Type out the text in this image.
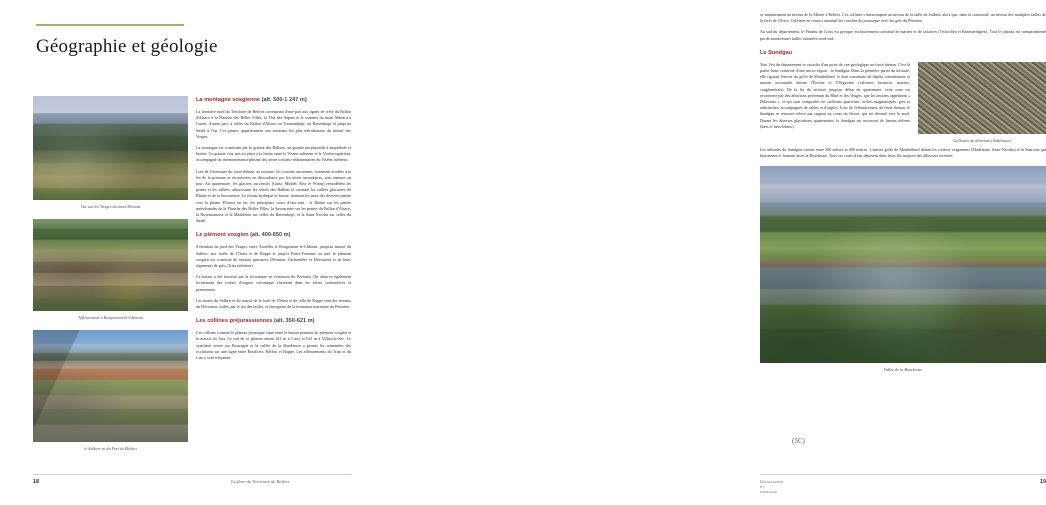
Géographie et géologie
Vue sur les Vosges du mont Ménard
Affleurement à Rougemont-le-Château
le Salbert vu du Fort de Belfort
La montagne vosgienne (alt. 500-1 247 m)

La frontière nord du Territoire de Belfort correspond d'une part aux lignes de crête du Ballon d'Alsace à la Planche des Belles Filles, la Tête des Sapins et le sommet du mont Ménard à l'ouest, d'autre part, à celles du Ballon d'Alsace au Tremontkopf, au Baerenkopf et jusqu'au Sudel à l'est. Ces pentes appartiennent aux sommets les plus méridionaux du massif des Vosges.

La montagne est constituée par le granite des Ballons, un granite porphyroïde à amphibole et biotite. Ce granite s'est mis en place à la limite entre le Viséen inférieur et le Viséen supérieur, accompagné du thermométamorphisme des séries volcano-sédimentaires du Viséen inférieur.

Lors de l'ouverture du fossé rhénan, au tertiaire, les couches anciennes, fortement érodées à la fin de la primaire et recouvertes en discordance par les séries secondaires, sont remises au jour. Au quaternaire, les glaciers successifs (Günz, Mindel, Riss et Würm) remodèlent les pentes et les vallées, adoucissant les reliefs des Ballons et creusant les vallées glaciaires du Rhône et de la Savoureuse. Le réseau hydrique se forme, drainant les eaux des diverses pentes vers la plaine. D'ouest en est, les principaux cours d'eau sont : le Rhône sur les pentes méridionales de la Planche des Belles Filles, la Savoureuse sur les pentes du Ballon d'Alsace, la Rosemontoise et la Madeleine sur celles du Baerenkopf, et la Saint-Nicolas sur celles du Sudel.

Le piémont vosgien (alt. 400-650 m)

S'étendant du pied des Vosges, entre Auxelles et Rougemont-le-Château, jusqu'au massif du Salbert, aux forêts de l'Ouest et de Roppe et jusqu'à Petite-Fontaine au sud, le piémont vosgien est constitué de terrains primaires (Permien, Carbonifère et Dévonien) et de leurs téguments de grès (Trias inférieur).

Ce bassin a été favorisé par la tectonique en extension du Permien. On observe également localement des roches d'origine volcanique s'insérant dans les séries carbonifères et permiennes.

Les monts du Salbert et du massif de la forêt de l'Ouest et de celle de Roppe sont des terrains du Dévonien, isolés, par le jeu des failles, et émergeant de la formation marneuse du Permien.

Les collines préjurassiennes (alt. 350-621 m)

Ces collines forment le plateau jurassique situé entre le bassin permien du piémont vosgien et le massif du Jura. Le sud de ce plateau atteint 611 m à Croix et 621 m à Villars-le-Sec. Le synclinal center sur Bourogne et la vallée de la Bourbeuse a permis les remontées des occlusions sur une ligne entre Bavilliers, Belfort et Roppe. Les affleurements du Trias et du Lias y sont fréquents.

18	La flore du Territoire de Belfort

se maintiennent au niveau de la Miotte à Belfort. Ces collines s'interrompent au niveau de la taille de Salbert, alors que, dans la continuité, au niveau des multiples failles de la forêt de l'Arsot. Cela met en contact anormal les couches du jurassique avec les grès du Permien.

Au sud du département, le Plateau de Croix est presque exclusivement constitué de marnes et de calcaires (Oxfordien et Kimméridgien). Tout le plateau est compartimenté par de nombreuses failles orientées nord-sud.

Le Sundgau

Tout l'est du département se rattache d'un point de vue géologique au fossé rhénan. C'est la partie franc-comtoise d'une micro-région : le Sundgau. Dans la première partie du tertiaire, elle figurait l'entrée du golfe de Montbéliard, et était constituée de dépôts continentaux et marins accumulés durant l'Éocène et l'Oligocène (calcaires lacustres, marnes, conglomérats). De la fin du tertiaire jusqu'au début du quaternaire, cette zone est recouverte par des alluvions provenant du Rhin et des Vosges, que les anciens appelaient « Diluvium », et qui sont composées de cailloutis quartzites, roches magmatiques, grès et radiolarites, accompagnés de sables et d'argiles. Lors de l'effondrement du fossé rhénan, le Sundgau se retrouve relevé par rapport au cours du fleuve, qui est dérouté vers le nord. Durant les diverses glaciations quaternaires, le Sundgau est recouvert de limons éoliens (lœss et lœss-lehms).

Cailloutis du diluvium (Andelnans)

Les altitudes du Sundgau varient entre 300 mètres et 400 mètres. L'ancien golfe de Montbéliard draine les rivières vosgiennes (Madeleine, Saint-Nicolas) et la Suarcine qui luxionnent et forment alors la Bourbeuse. Tous ces cours d'eau déposent dans leurs lits majeurs des alluvions récentes.

Vallée de la Bourbeuse
(5C)
Géographie et géologie
19
